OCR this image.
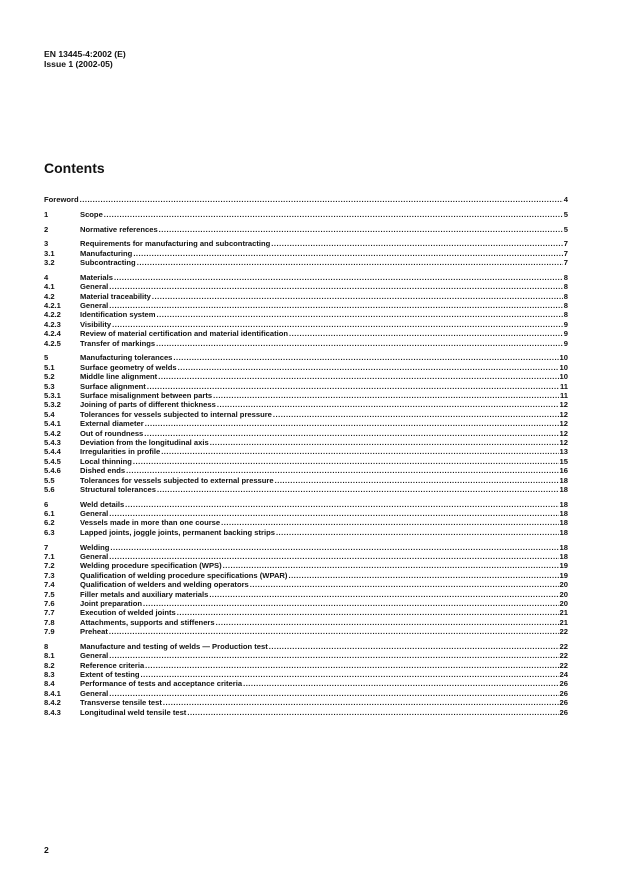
EN 13445-4:2002 (E)
Issue 1 (2002-05)
Contents
Foreword .....	4
1	Scope .....	5
2	Normative references .....	5
3	Requirements for manufacturing and subcontracting .....	7
3.1	Manufacturing .....	7
3.2	Subcontracting .....	7
4	Materials .....	8
4.1	General .....	8
4.2	Material traceability .....	8
4.2.1	General .....	8
4.2.2	Identification system .....	8
4.2.3	Visibility .....	9
4.2.4	Review of material certification and material identification .....	9
4.2.5	Transfer of markings .....	9
5	Manufacturing tolerances .....	10
5.1	Surface geometry of welds .....	10
5.2	Middle line alignment .....	10
5.3	Surface alignment .....	11
5.3.1	Surface misalignment between parts .....	11
5.3.2	Joining of parts of different thickness .....	12
5.4	Tolerances for vessels subjected to internal pressure .....	12
5.4.1	External diameter .....	12
5.4.2	Out of roundness .....	12
5.4.3	Deviation from the longitudinal axis .....	12
5.4.4	Irregularities in profile .....	13
5.4.5	Local thinning .....	15
5.4.6	Dished ends .....	16
5.5	Tolerances for vessels subjected to external pressure .....	18
5.6	Structural tolerances .....	18
6	Weld details .....	18
6.1	General .....	18
6.2	Vessels made in more than one course .....	18
6.3	Lapped joints, joggle joints, permanent backing strips .....	18
7	Welding .....	18
7.1	General .....	18
7.2	Welding procedure specification (WPS) .....	19
7.3	Qualification of welding procedure specifications (WPAR) .....	19
7.4	Qualification of welders and welding operators .....	20
7.5	Filler metals and auxiliary materials .....	20
7.6	Joint preparation .....	20
7.7	Execution of welded joints .....	21
7.8	Attachments, supports and stiffeners .....	21
7.9	Preheat .....	22
8	Manufacture and testing of welds — Production test .....	22
8.1	General .....	22
8.2	Reference criteria .....	22
8.3	Extent of testing .....	24
8.4	Performance of tests and acceptance criteria .....	26
8.4.1	General .....	26
8.4.2	Transverse tensile test .....	26
8.4.3	Longitudinal weld tensile test .....	26
2
